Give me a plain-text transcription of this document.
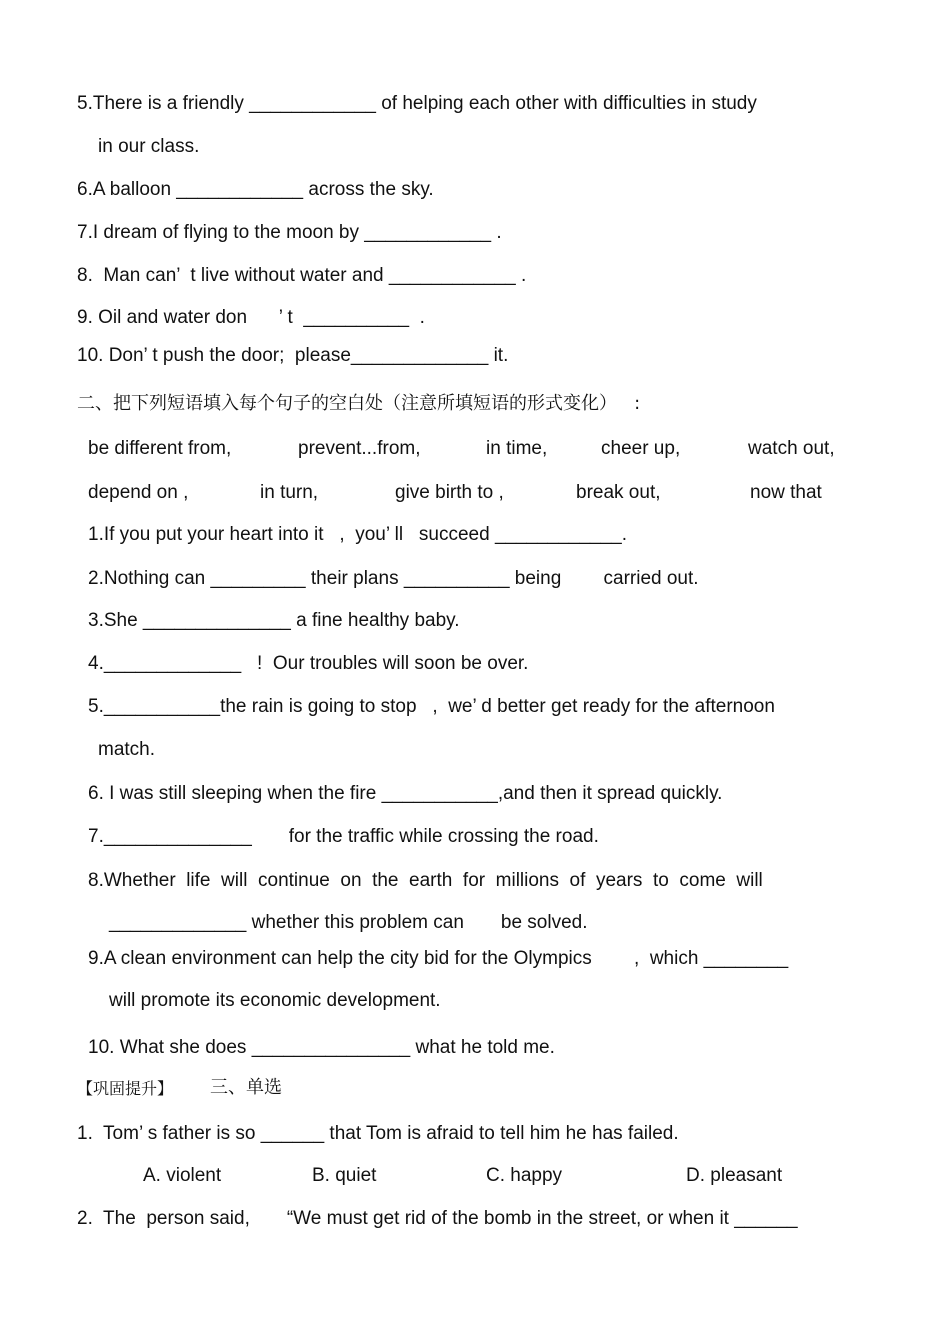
5.There is a friendly ____________ of helping each other with difficulties in study
in our class.
6.A balloon ____________ across the sky.
7.I dream of flying to the moon by ____________ .
8.  Man can’  t live without water and ____________ .
9. Oil and water don      ’ t  __________  .
10. Don’ t push the door;  please_____________ it.
二、把下列短语填入每个句子的空白处（注意所填短语的形式变化）   :
be different from,	prevent...from,	in time,	cheer up,	watch out,
depend on ,	in turn,	give birth to ,	break out,	now that
1.If you put your heart into it   ,  you’ ll   succeed ____________.
2.Nothing can _________ their plans __________ being        carried out.
3.She ______________ a fine healthy baby.
4._____________   !  Our troubles will soon be over.
5.___________the rain is going to stop   ,  we’ d better get ready for the afternoon
match.
6. I was still sleeping when the fire ___________,and then it spread quickly.
7.______________       for the traffic while crossing the road.
8.Whether  life  will  continue  on  the  earth  for  millions  of  years  to  come  will
_____________ whether this problem can       be solved.
9.A clean environment can help the city bid for the Olympics        ,  which ________
will promote its economic development.
10. What she does _______________ what he told me.
【巩固提升】 三、单选
1.  Tom’ s father is so ______ that Tom is afraid to tell him he has failed.
A. violent	B. quiet	C. happy	D. pleasant
2.  The  person said,       “We must get rid of the bomb in the street, or when it ______
